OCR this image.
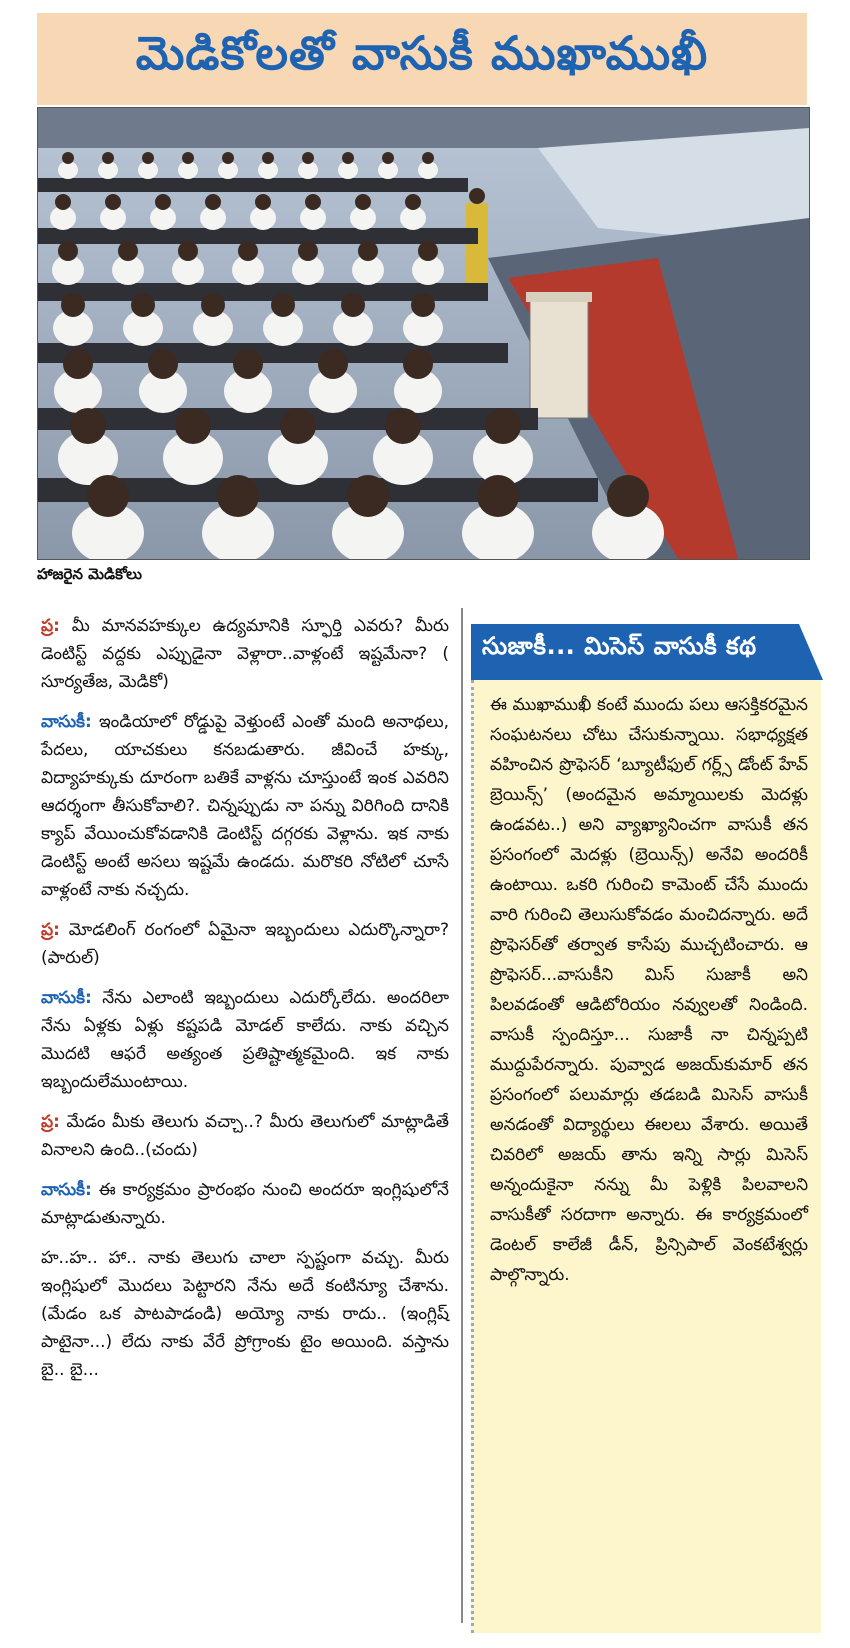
మెడికోలతో వాసుకీ ముఖాముఖీ
హాజరైన మెడికోలు

ప్ర: మీ మానవహక్కుల ఉద్యమానికి స్ఫూర్తి ఎవరు? మీరు డెంటిస్ట్ వద్దకు ఎప్పుడైనా వెళ్లారా..వాళ్లంటే ఇష్టమేనా? ( సూర్యతేజ, మెడికో)

వాసుకీ: ఇండియాలో రోడ్డుపై వెళ్తుంటే ఎంతో మంది అనాథలు, పేదలు, యాచకులు కనబడుతారు. జీవించే హక్కు, విద్యాహక్కుకు దూరంగా బతికే వాళ్లను చూస్తుంటే ఇంక ఎవరిని ఆదర్శంగా తీసుకోవాలి?. చిన్నప్పుడు నా పన్ను విరిగింది దానికి క్యాప్ వేయించుకోవడానికి డెంటిస్ట్ దగ్గరకు వెళ్లాను. ఇక నాకు డెంటిస్ట్ అంటే అసలు ఇష్టమే ఉండదు. మరొకరి నోటిలో చూసే వాళ్లంటే నాకు నచ్చదు.

ప్ర: మోడలింగ్ రంగంలో ఏమైనా ఇబ్బందులు ఎదుర్కొన్నారా? (పారుల్)

వాసుకీ: నేను ఎలాంటి ఇబ్బందులు ఎదుర్కోలేదు. అందరిలా నేను ఏళ్లకు ఏళ్లు కష్టపడి మోడల్ కాలేదు. నాకు వచ్చిన మొదటి ఆఫరే అత్యంత ప్రతిష్టాత్మకమైంది. ఇక నాకు ఇబ్బందులేముంటాయి.

ప్ర: మేడం మీకు తెలుగు వచ్చా..? మీరు తెలుగులో మాట్లాడితే వినాలని ఉంది..(చందు)

వాసుకీ: ఈ కార్యక్రమం ప్రారంభం నుంచి అందరూ ఇంగ్లిషులోనే మాట్లాడుతున్నారు.

హ..హ.. హా.. నాకు తెలుగు చాలా స్పష్టంగా వచ్చు. మీరు ఇంగ్లిషులో మొదలు పెట్టారని నేను అదే కంటిన్యూ చేశాను. (మేడం ఒక పాటపాడండి) అయ్యో నాకు రాదు.. (ఇంగ్లిష్ పాటైనా...) లేదు నాకు వేరే ప్రోగ్రాంకు టైం అయింది. వస్తాను బై.. బై...

సుజాకీ... మిసెస్ వాసుకీ కథ
ఈ ముఖాముఖీ కంటే ముందు పలు ఆసక్తికరమైన సంఘటనలు చోటు చేసుకున్నాయి. సభాధ్యక్షత వహించిన ప్రొఫెసర్ ‘బ్యూటీఫుల్ గర్ల్స్ డోంట్ హేవ్ బ్రెయిన్స్’ (అందమైన అమ్మాయిలకు మెదళ్లు ఉండవట..) అని వ్యాఖ్యానించగా వాసుకీ తన ప్రసంగంలో మెదళ్లు (బ్రెయిన్స్) అనేవి అందరికీ ఉంటాయి. ఒకరి గురించి కామెంట్ చేసే ముందు వారి గురించి తెలుసుకోవడం మంచిదన్నారు. అదే ప్రొఫెసర్‌తో తర్వాత కాసేపు ముచ్చటించారు. ఆ ప్రొఫెసర్...వాసుకీని మిస్ సుజాకీ అని పిలవడంతో ఆడిటోరియం నవ్వులతో నిండింది. వాసుకీ స్పందిస్తూ... సుజాకీ నా చిన్నప్పటి ముద్దుపేరన్నారు. పువ్వాడ అజయ్‌కుమార్ తన ప్రసంగంలో పలుమార్లు తడబడి మిసెస్ వాసుకీ అనడంతో విద్యార్థులు ఈలలు వేశారు. అయితే చివరిలో అజయ్ తాను ఇన్ని సార్లు మిసెస్ అన్నందుకైనా నన్ను మీ పెళ్లికి పిలవాలని వాసుకీతో సరదాగా అన్నారు. ఈ కార్యక్రమంలో డెంటల్ కాలేజీ డీన్, ప్రిన్సిపాల్ వెంకటేశ్వర్లు పాల్గొన్నారు.
